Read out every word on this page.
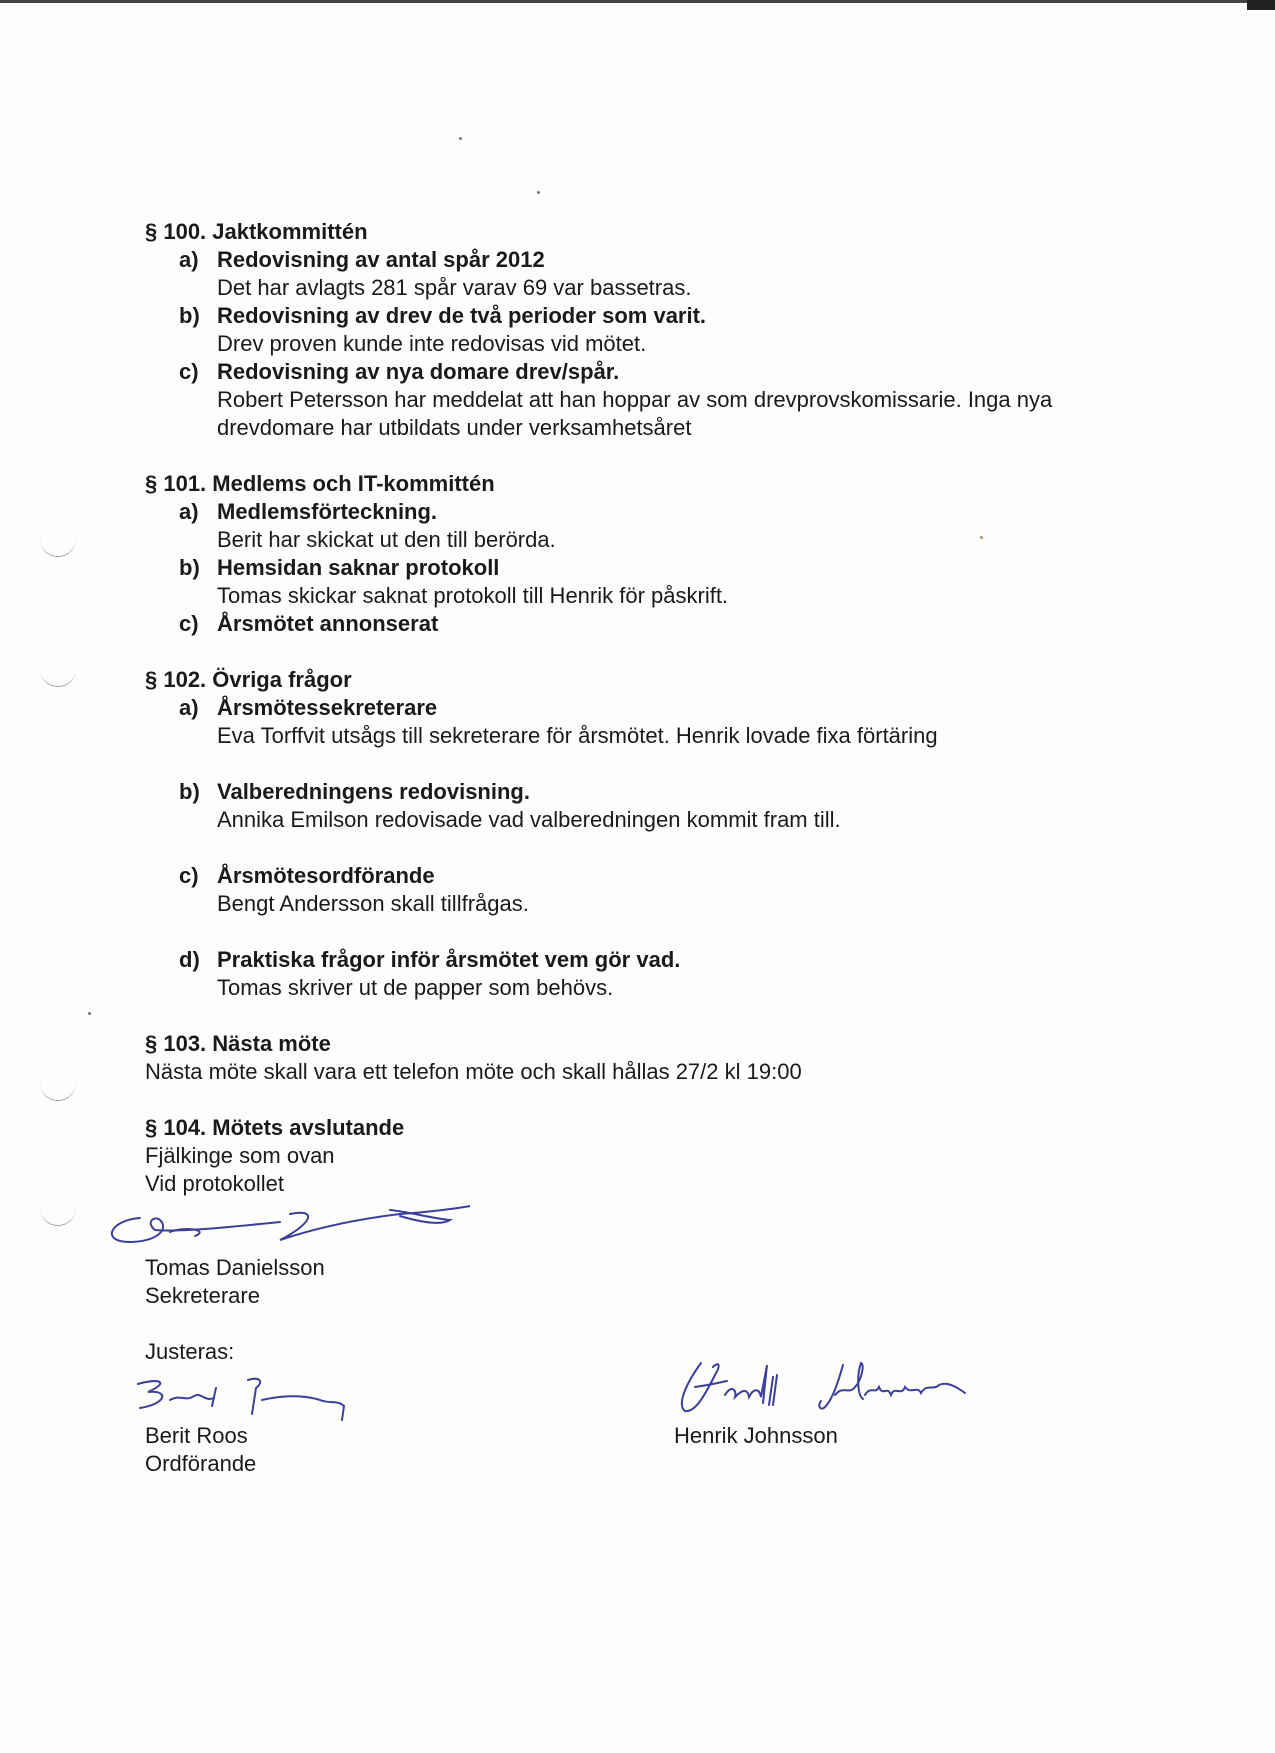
§ 100. Jaktkommittén

a) Redovisning av antal spår 2012
Det har avlagts 281 spår varav 69 var bassetras.
b) Redovisning av drev de två perioder som varit.
Drev proven kunde inte redovisas vid mötet.
c) Redovisning av nya domare drev/spår.
Robert Petersson har meddelat att han hoppar av som drevprovskomissarie. Inga nya drevdomare har utbildats under verksamhetsåret

§ 101. Medlems och IT-kommittén

a) Medlemsförteckning.
Berit har skickat ut den till berörda.
b) Hemsidan saknar protokoll
Tomas skickar saknat protokoll till Henrik för påskrift.
c) Årsmötet annonserat

§ 102. Övriga frågor

a) Årsmötessekreterare
Eva Torffvit utsågs till sekreterare för årsmötet. Henrik lovade fixa förtäring
b) Valberedningens redovisning.
Annika Emilson redovisade vad valberedningen kommit fram till.
c) Årsmötesordförande
Bengt Andersson skall tillfrågas.
d) Praktiska frågor inför årsmötet vem gör vad.
Tomas skriver ut de papper som behövs.

§ 103. Nästa möte

Nästa möte skall vara ett telefon möte och skall hållas 27/2 kl 19:00

§ 104. Mötets avslutande

Fjälkinge som ovan

Vid protokollet

Tomas Danielsson
Sekreterare
Justeras:
Berit Roos
Ordförande
Henrik Johnsson
